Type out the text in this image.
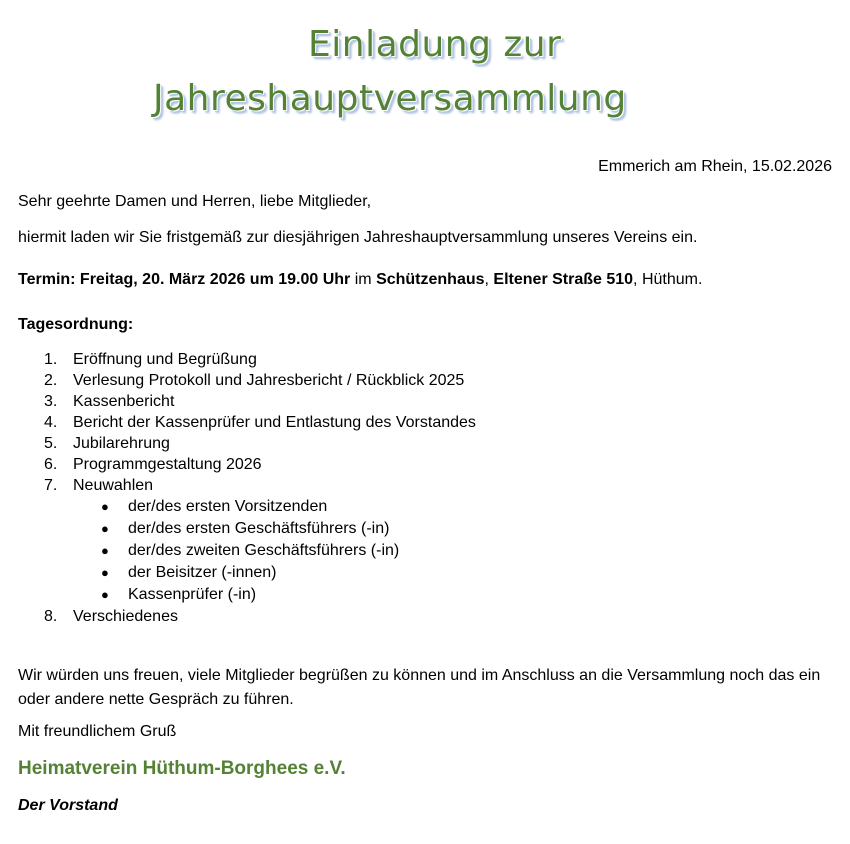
Einladung zur
Jahreshauptversammlung
Emmerich am Rhein, 15.02.2026
Sehr geehrte Damen und Herren, liebe Mitglieder,
hiermit laden wir Sie fristgemäß zur diesjährigen Jahreshauptversammlung unseres Vereins ein.
Termin: Freitag, 20. März 2026 um 19.00 Uhr im Schützenhaus, Eltener Straße 510, Hüthum.
Tagesordnung:
1. Eröffnung und Begrüßung
2. Verlesung Protokoll und Jahresbericht / Rückblick 2025
3. Kassenbericht
4. Bericht der Kassenprüfer und Entlastung des Vorstandes
5. Jubilarehrung
6. Programmgestaltung 2026
7. Neuwahlen
● der/des ersten Vorsitzenden
● der/des ersten Geschäftsführers (-in)
● der/des zweiten Geschäftsführers (-in)
● der Beisitzer (-innen)
● Kassenprüfer (-in)
8. Verschiedenes
Wir würden uns freuen, viele Mitglieder begrüßen zu können und im Anschluss an die Versammlung noch das ein oder andere nette Gespräch zu führen.
Mit freundlichem Gruß
Heimatverein Hüthum-Borghees e.V.
Der Vorstand
